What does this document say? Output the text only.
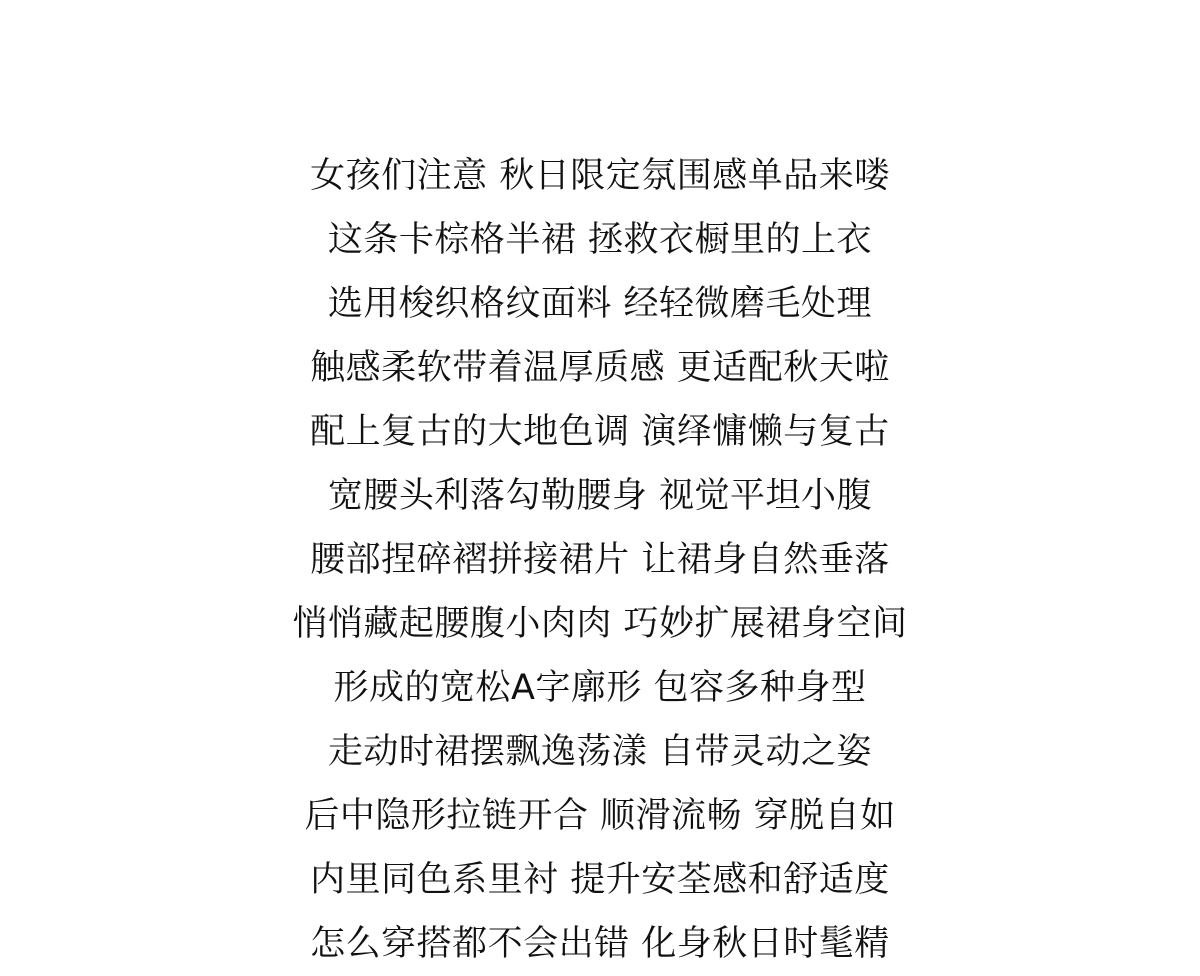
女孩们注意 秋日限定氛围感单品来喽
这条卡棕格半裙 拯救衣橱里的上衣
选用梭织格纹面料 经轻微磨毛处理
触感柔软带着温厚质感 更适配秋天啦
配上复古的大地色调 演绎慵懒与复古
宽腰头利落勾勒腰身 视觉平坦小腹
腰部捏碎褶拼接裙片 让裙身自然垂落
悄悄藏起腰腹小肉肉 巧妙扩展裙身空间
形成的宽松A字廓形 包容多种身型
走动时裙摆飘逸荡漾 自带灵动之姿
后中隐形拉链开合 顺滑流畅 穿脱自如
内里同色系里衬 提升安荃感和舒适度
怎么穿搭都不会出错 化身秋日时髦精
